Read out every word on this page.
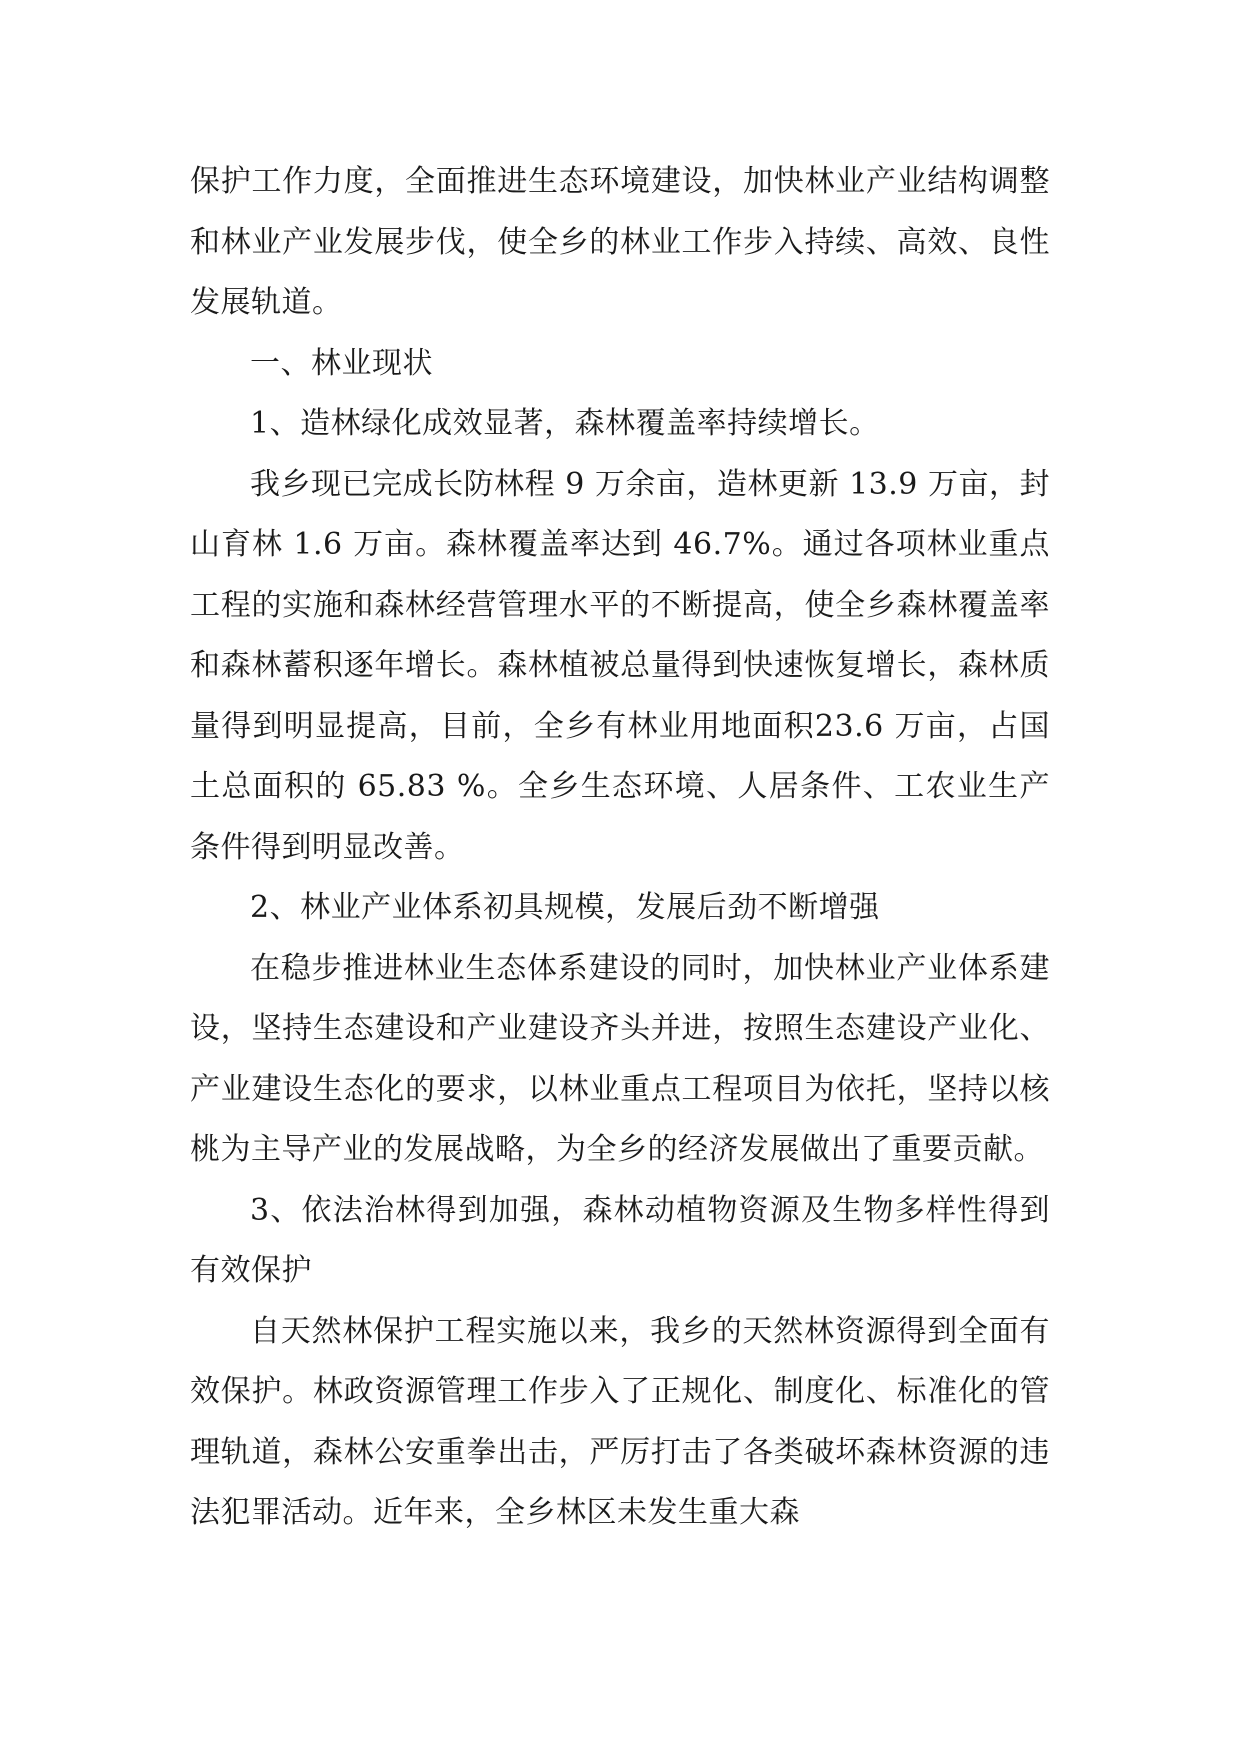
保护工作力度，全面推进生态环境建设，加快林业产业结构调整和林业产业发展步伐，使全乡的林业工作步入持续、高效、良性发展轨道。

一、林业现状

1、造林绿化成效显著，森林覆盖率持续增长。

我乡现已完成长防林程 9 万余亩，造林更新 13.9 万亩，封山育林 1.6 万亩。森林覆盖率达到 46.7%。通过各项林业重点工程的实施和森林经营管理水平的不断提高，使全乡森林覆盖率和森林蓄积逐年增长。森林植被总量得到快速恢复增长，森林质量得到明显提高，目前，全乡有林业用地面积23.6 万亩，占国土总面积的 65.83 %。全乡生态环境、人居条件、工农业生产条件得到明显改善。

2、林业产业体系初具规模，发展后劲不断增强

在稳步推进林业生态体系建设的同时，加快林业产业体系建设，坚持生态建设和产业建设齐头并进，按照生态建设产业化、产业建设生态化的要求，以林业重点工程项目为依托，坚持以核桃为主导产业的发展战略，为全乡的经济发展做出了重要贡献。

3、依法治林得到加强，森林动植物资源及生物多样性得到有效保护

自天然林保护工程实施以来，我乡的天然林资源得到全面有效保护。林政资源管理工作步入了正规化、制度化、标准化的管理轨道，森林公安重拳出击，严厉打击了各类破坏森林资源的违法犯罪活动。近年来，全乡林区未发生重大森
